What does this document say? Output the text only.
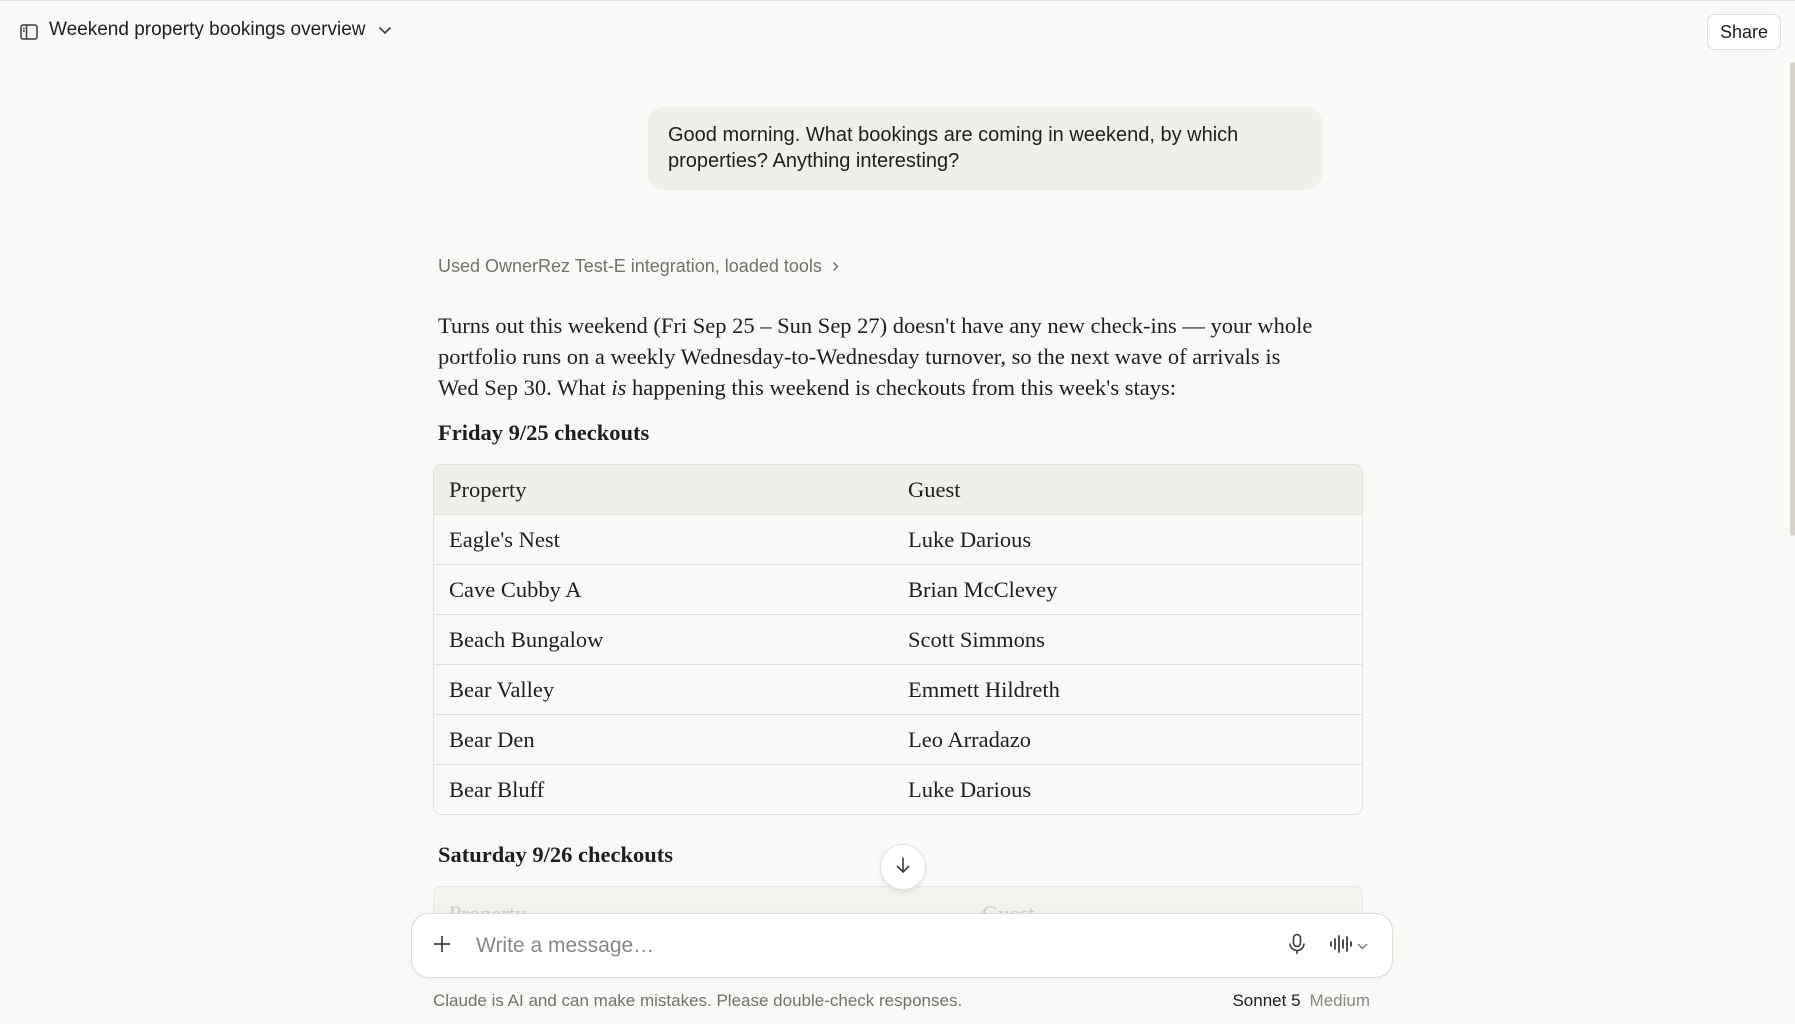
Weekend property bookings overview	Share
Good morning. What bookings are coming in weekend, by which properties? Anything interesting?
Used OwnerRez Test-E integration, loaded tools
Turns out this weekend (Fri Sep 25 – Sun Sep 27) doesn't have any new check-ins — your whole portfolio runs on a weekly Wednesday-to-Wednesday turnover, so the next wave of arrivals is Wed Sep 30. What is happening this weekend is checkouts from this week's stays:
Friday 9/25 checkouts
Property	Guest
Eagle's Nest	Luke Darious
Cave Cubby A	Brian McClevey
Beach Bungalow	Scott Simmons
Bear Valley	Emmett Hildreth
Bear Den	Leo Arradazo
Bear Bluff	Luke Darious
Saturday 9/26 checkouts
Write a message…
Claude is AI and can make mistakes. Please double-check responses.	Sonnet 5 Medium
